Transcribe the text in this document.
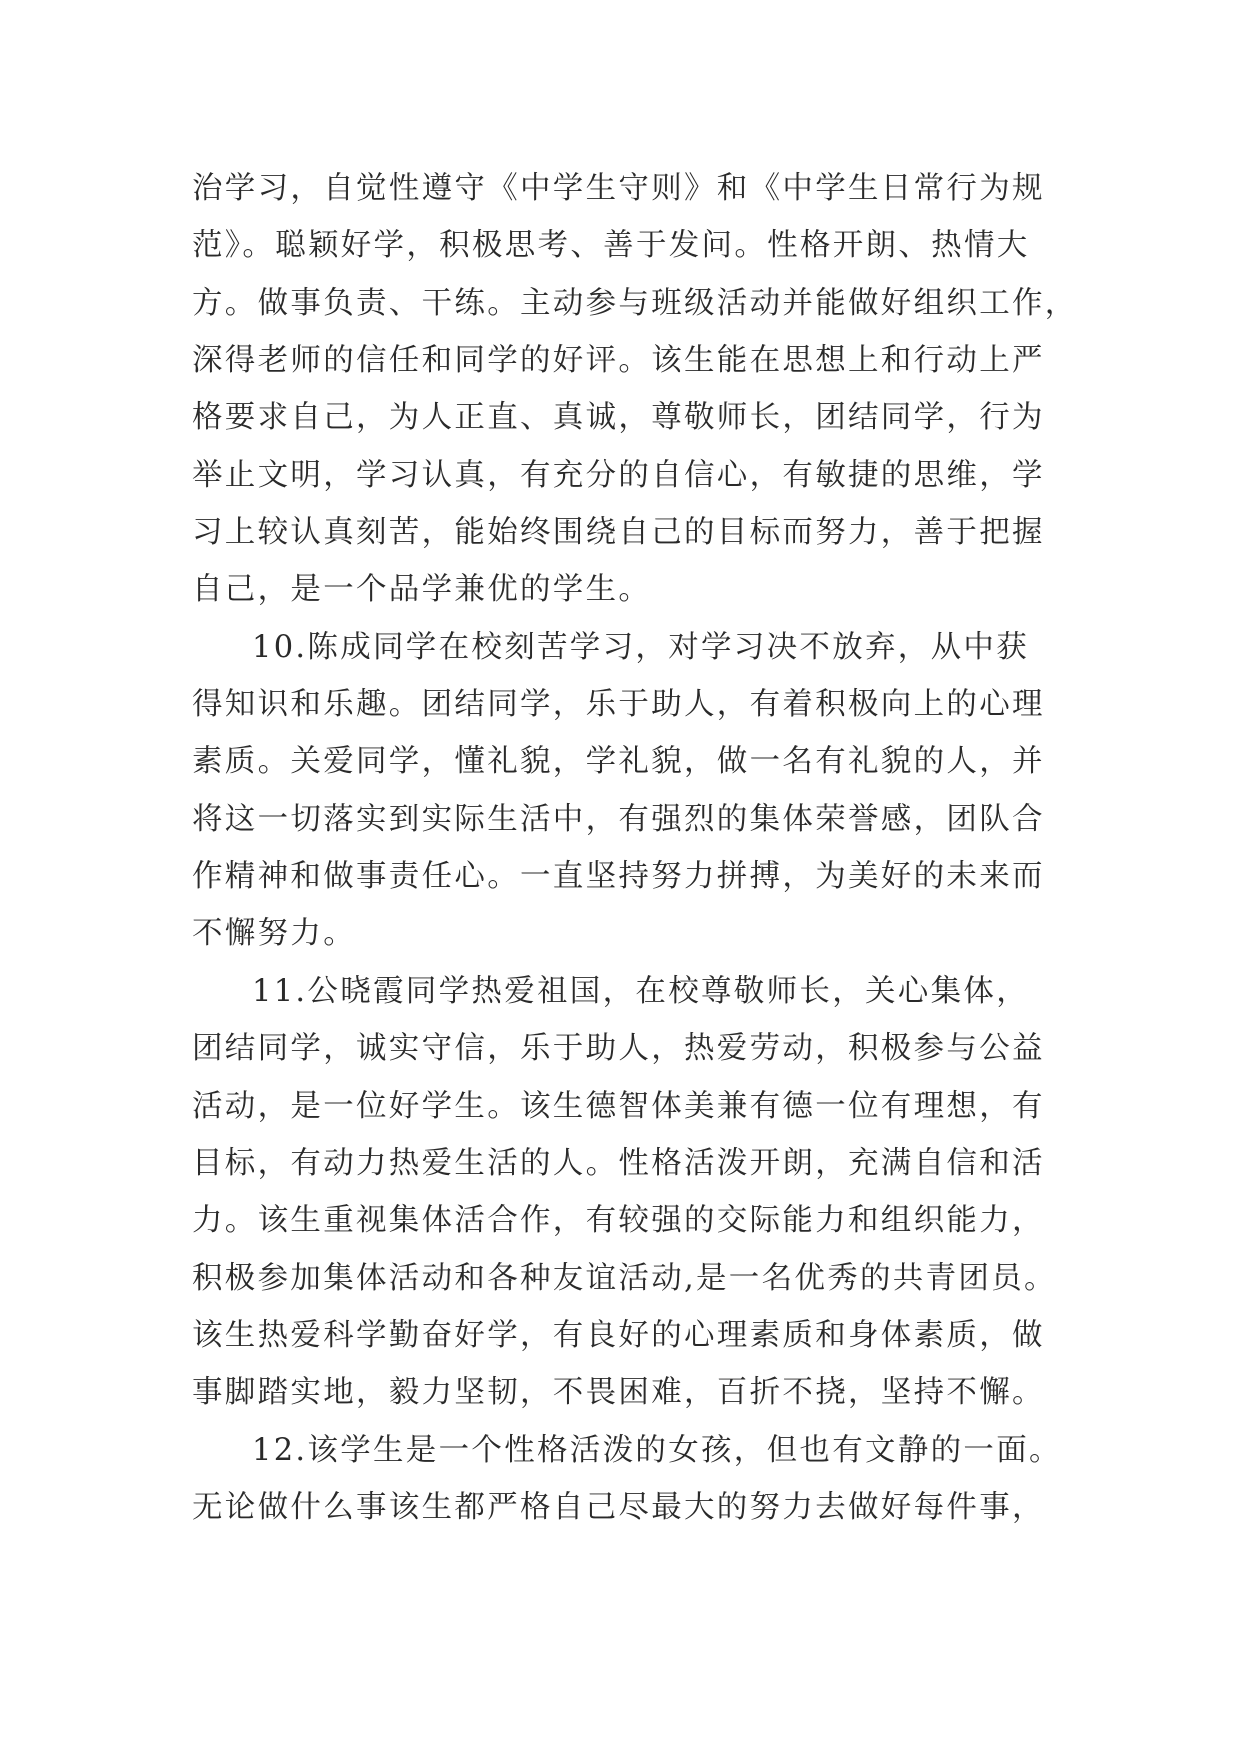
治学习，自觉性遵守《中学生守则》和《中学生日常行为规
范》。聪颖好学，积极思考、善于发问。性格开朗、热情大
方。做事负责、干练。主动参与班级活动并能做好组织工作，
深得老师的信任和同学的好评。该生能在思想上和行动上严
格要求自己，为人正直、真诚，尊敬师长，团结同学，行为
举止文明，学习认真，有充分的自信心，有敏捷的思维，学
习上较认真刻苦，能始终围绕自己的目标而努力，善于把握
自己，是一个品学兼优的学生。
10.陈成同学在校刻苦学习，对学习决不放弃，从中获
得知识和乐趣。团结同学，乐于助人，有着积极向上的心理
素质。关爱同学，懂礼貌，学礼貌，做一名有礼貌的人，并
将这一切落实到实际生活中，有强烈的集体荣誉感，团队合
作精神和做事责任心。一直坚持努力拼搏，为美好的未来而
不懈努力。
11.公晓霞同学热爱祖国，在校尊敬师长，关心集体，
团结同学，诚实守信，乐于助人，热爱劳动，积极参与公益
活动，是一位好学生。该生德智体美兼有德一位有理想，有
目标，有动力热爱生活的人。性格活泼开朗，充满自信和活
力。该生重视集体活合作，有较强的交际能力和组织能力，
积极参加集体活动和各种友谊活动,是一名优秀的共青团员。
该生热爱科学勤奋好学，有良好的心理素质和身体素质，做
事脚踏实地，毅力坚韧，不畏困难，百折不挠，坚持不懈。
12.该学生是一个性格活泼的女孩，但也有文静的一面。
无论做什么事该生都严格自己尽最大的努力去做好每件事，
